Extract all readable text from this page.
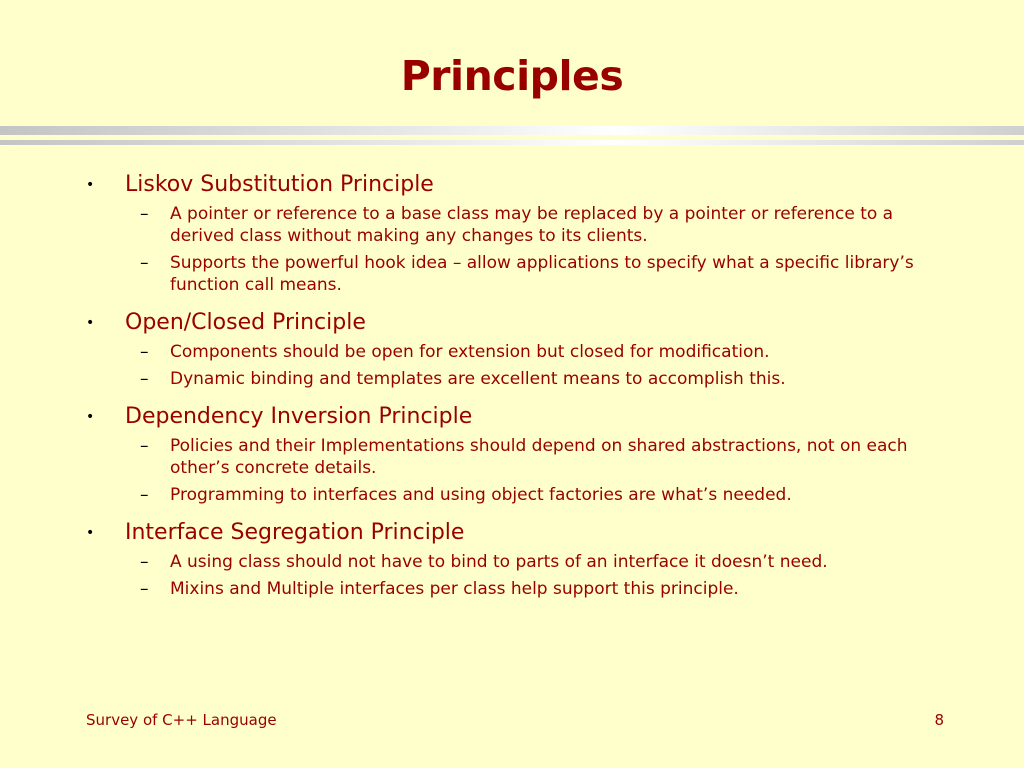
Principles
• Liskov Substitution Principle
– A pointer or reference to a base class may be replaced by a pointer or reference to a derived class without making any changes to its clients.
– Supports the powerful hook idea – allow applications to specify what a specific library’s function call means.
• Open/Closed Principle
– Components should be open for extension but closed for modification.
– Dynamic binding and templates are excellent means to accomplish this.
• Dependency Inversion Principle
– Policies and their Implementations should depend on shared abstractions, not on each other’s concrete details.
– Programming to interfaces and using object factories are what’s needed.
• Interface Segregation Principle
– A using class should not have to bind to parts of an interface it doesn’t need.
– Mixins and Multiple interfaces per class help support this principle.
Survey of C++ Language	8
